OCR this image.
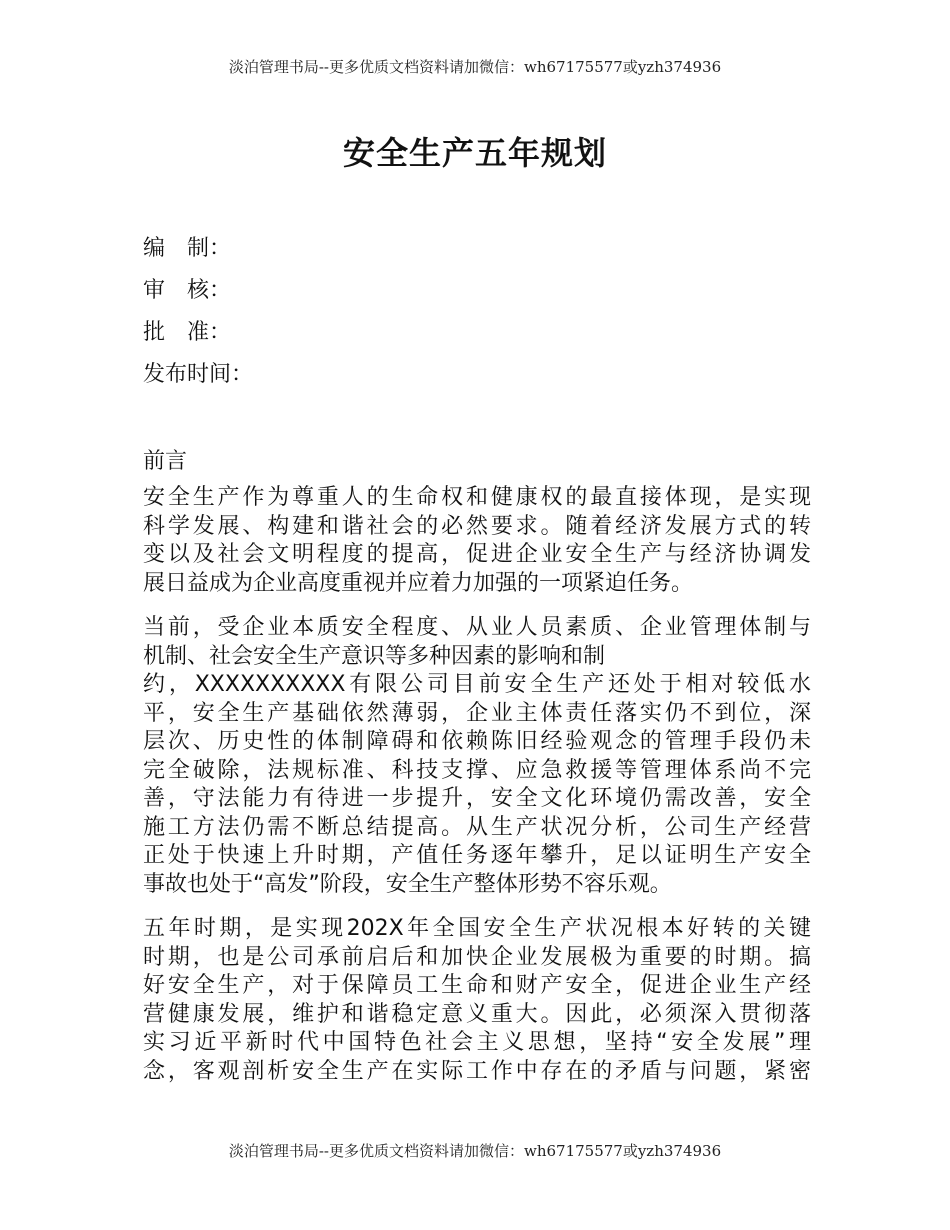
淡泊管理书局--更多优质文档资料请加微信：wh67175577或yzh374936
安全生产五年规划
编　制：
审　核：
批　准：
发布时间：
前言
安全生产作为尊重人的生命权和健康权的最直接体现，是实现
科学发展、构建和谐社会的必然要求。随着经济发展方式的转
变以及社会文明程度的提高，促进企业安全生产与经济协调发
展日益成为企业高度重视并应着力加强的一项紧迫任务。
当前，受企业本质安全程度、从业人员素质、企业管理体制与
机制、社会安全生产意识等多种因素的影响和制
约，XXXXXXXXXX有限公司目前安全生产还处于相对较低水
平，安全生产基础依然薄弱，企业主体责任落实仍不到位，深
层次、历史性的体制障碍和依赖陈旧经验观念的管理手段仍未
完全破除，法规标准、科技支撑、应急救援等管理体系尚不完
善，守法能力有待进一步提升，安全文化环境仍需改善，安全
施工方法仍需不断总结提高。从生产状况分析，公司生产经营
正处于快速上升时期，产值任务逐年攀升，足以证明生产安全
事故也处于“高发”阶段，安全生产整体形势不容乐观。
五年时期，是实现202X年全国安全生产状况根本好转的关键
时期，也是公司承前启后和加快企业发展极为重要的时期。搞
好安全生产，对于保障员工生命和财产安全，促进企业生产经
营健康发展，维护和谐稳定意义重大。因此，必须深入贯彻落
实习近平新时代中国特色社会主义思想，坚持“安全发展”理
念，客观剖析安全生产在实际工作中存在的矛盾与问题，紧密
淡泊管理书局--更多优质文档资料请加微信：wh67175577或yzh374936
